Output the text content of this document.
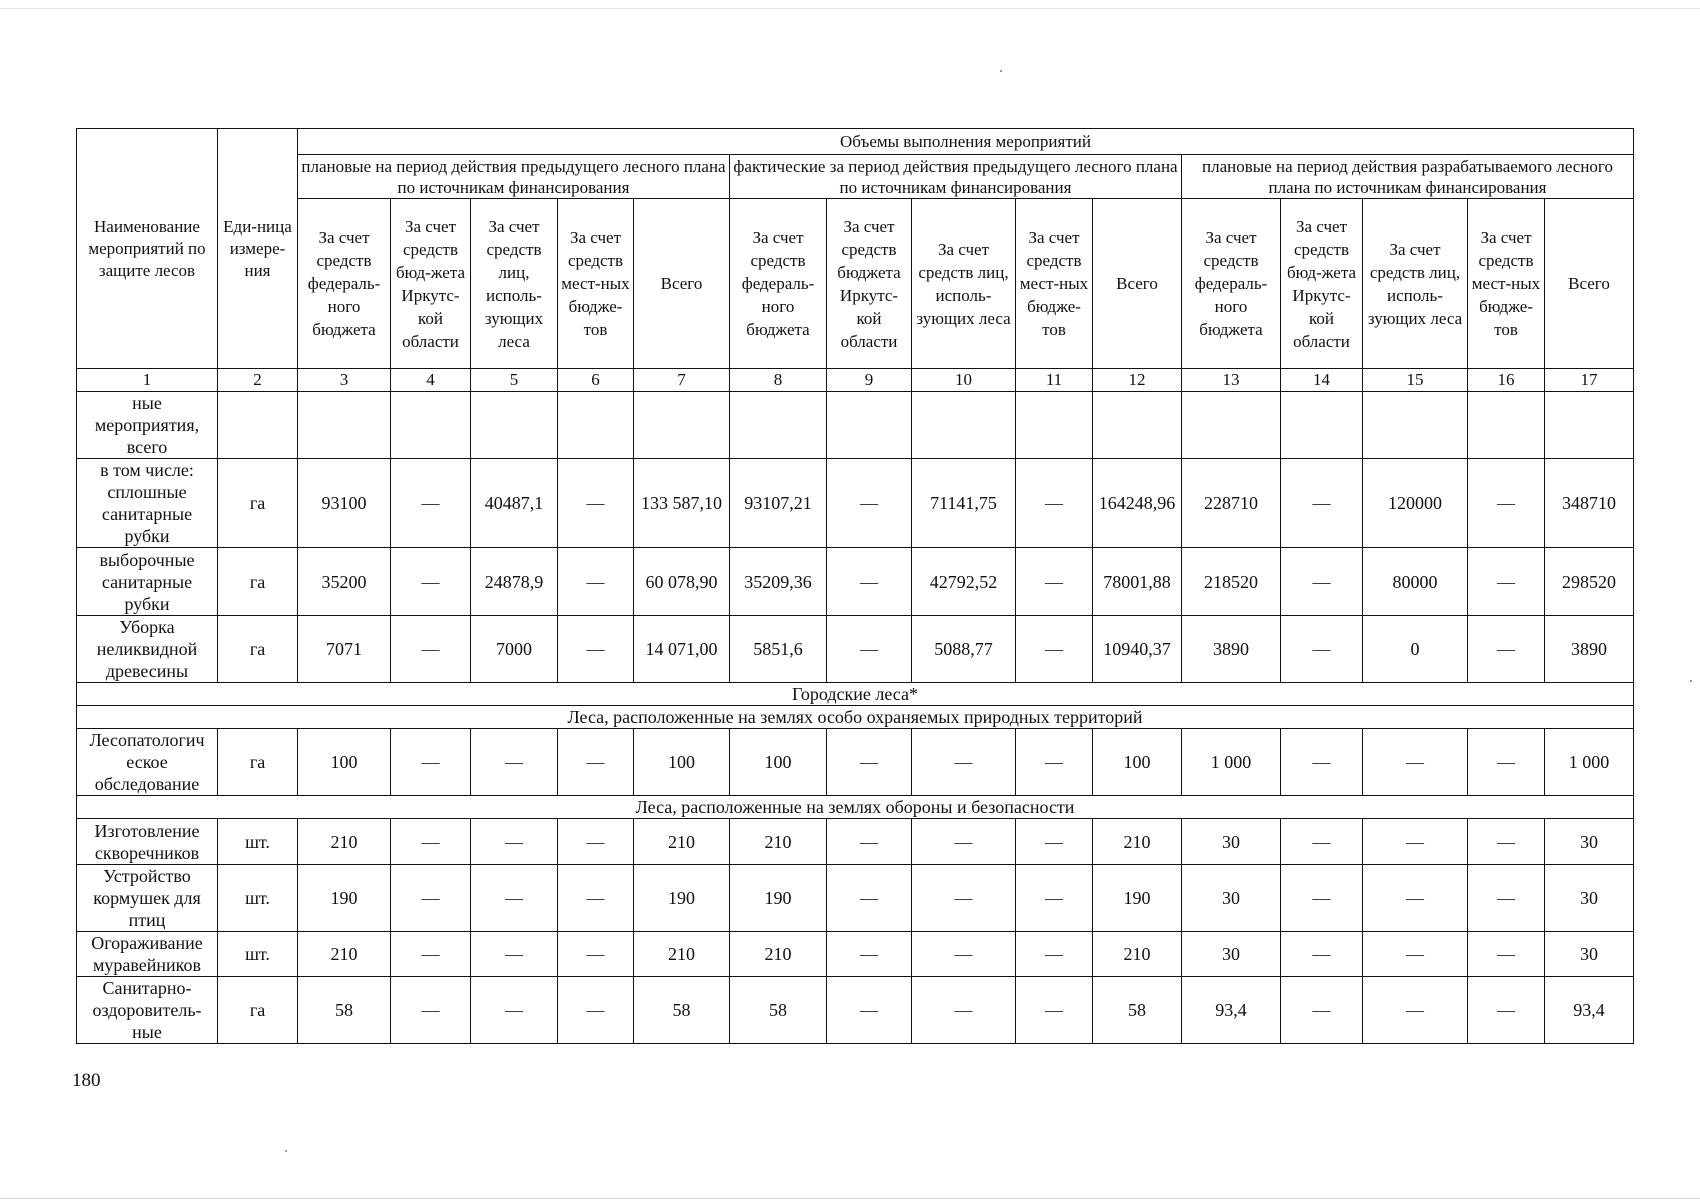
Наименование мероприятий по защите лесов	Еди-ница измере-ния	Объемы выполнения мероприятий														
		плановые на период действия предыдущего лесного плана по источникам финансирования					фактические за период действия предыдущего лесного плана по источникам финансирования					плановые на период действия разрабатываемого лесного плана по источникам финансирования				
		За счет средств федераль-ного бюджета	За счет средств бюд-жета Иркутс-кой области	За счет средств лиц, исполь-зующих леса	За счет средств мест-ных бюдже-тов	Всего	За счет средств федераль-ного бюджета	За счет средств бюджета Иркутс-кой области	За счет средств лиц, исполь-зующих леса	За счет средств мест-ных бюдже-тов	Всего	За счет средств федераль-ного бюджета	За счет средств бюд-жета Иркутс-кой области	За счет средств лиц, исполь-зующих леса	За счет средств мест-ных бюдже-тов	Всего
1	2	3	4	5	6	7	8	9	10	11	12	13	14	15	16	17
ные мероприятия, всего																
в том числе: сплошные санитарные рубки	га	93100	—	40487,1	—	133 587,10	93107,21	—	71141,75	—	164248,96	228710	—	120000	—	348710
выборочные санитарные рубки	га	35200	—	24878,9	—	60 078,90	35209,36	—	42792,52	—	78001,88	218520	—	80000	—	298520
Уборка неликвидной древесины	га	7071	—	7000	—	14 071,00	5851,6	—	5088,77	—	10940,37	3890	—	0	—	3890
Городские леса*																
Леса, расположенные на землях особо охраняемых природных территорий																
Лесопатологич еское обследование	га	100	—	—	—	100	100	—	—	—	100	1 000	—	—	—	1 000
Леса, расположенные на землях обороны и безопасности																
Изготовление скворечников	шт.	210	—	—	—	210	210	—	—	—	210	30	—	—	—	30
Устройство кормушек для птиц	шт.	190	—	—	—	190	190	—	—	—	190	30	—	—	—	30
Огораживание муравейников	шт.	210	—	—	—	210	210	—	—	—	210	30	—	—	—	30
Санитарно-оздоровитель-ные	га	58	—	—	—	58	58	—	—	—	58	93,4	—	—	—	93,4
180
